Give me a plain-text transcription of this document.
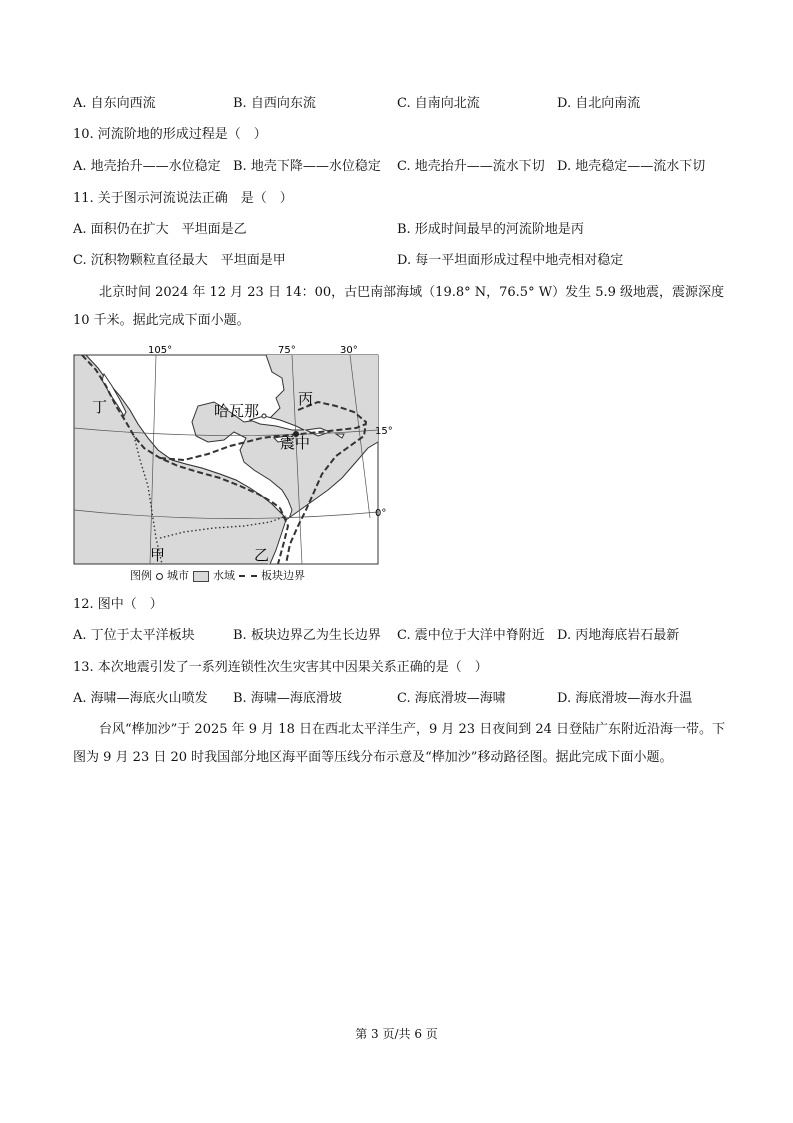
A. 自东向西流	B. 自西向东流	C. 自南向北流	D. 自北向南流
10. 河流阶地的形成过程是（　）
A. 地壳抬升——水位稳定 B. 地壳下降——水位稳定 C. 地壳抬升——流水下切 D. 地壳稳定——流水下切
11. 关于图示河流说法正确　是（　）
A. 面积仍在扩大　平坦面是乙	B. 形成时间最早的河流阶地是丙
C. 沉积物颗粒直径最大　平坦面是甲	D. 每一平坦面形成过程中地壳相对稳定
北京时间 2024 年 12 月 23 日 14：00，古巴南部海域（19.8° N，76.5° W）发生 5.9 级地震，震源深度 10 千米。据此完成下面小题。
105°	75°	30°
15°
0°
丁	哈瓦那
丙
震中
甲	乙
图例 城市 水域 板块边界
12. 图中（　）
A. 丁位于太平洋板块	B. 板块边界乙为生长边界 C. 震中位于大洋中脊附近 D. 丙地海底岩石最新
13. 本次地震引发了一系列连锁性次生灾害其中因果关系正确的是（　）
A. 海啸—海底火山喷发 B. 海啸—海底滑坡	C. 海底滑坡—海啸	D. 海底滑坡—海水升温
台风“桦加沙”于 2025 年 9 月 18 日在西北太平洋生产，9 月 23 日夜间到 24 日登陆广东附近沿海一带。下图为 9 月 23 日 20 时我国部分地区海平面等压线分布示意及“桦加沙”移动路径图。据此完成下面小题。
第 3 页/共 6 页
